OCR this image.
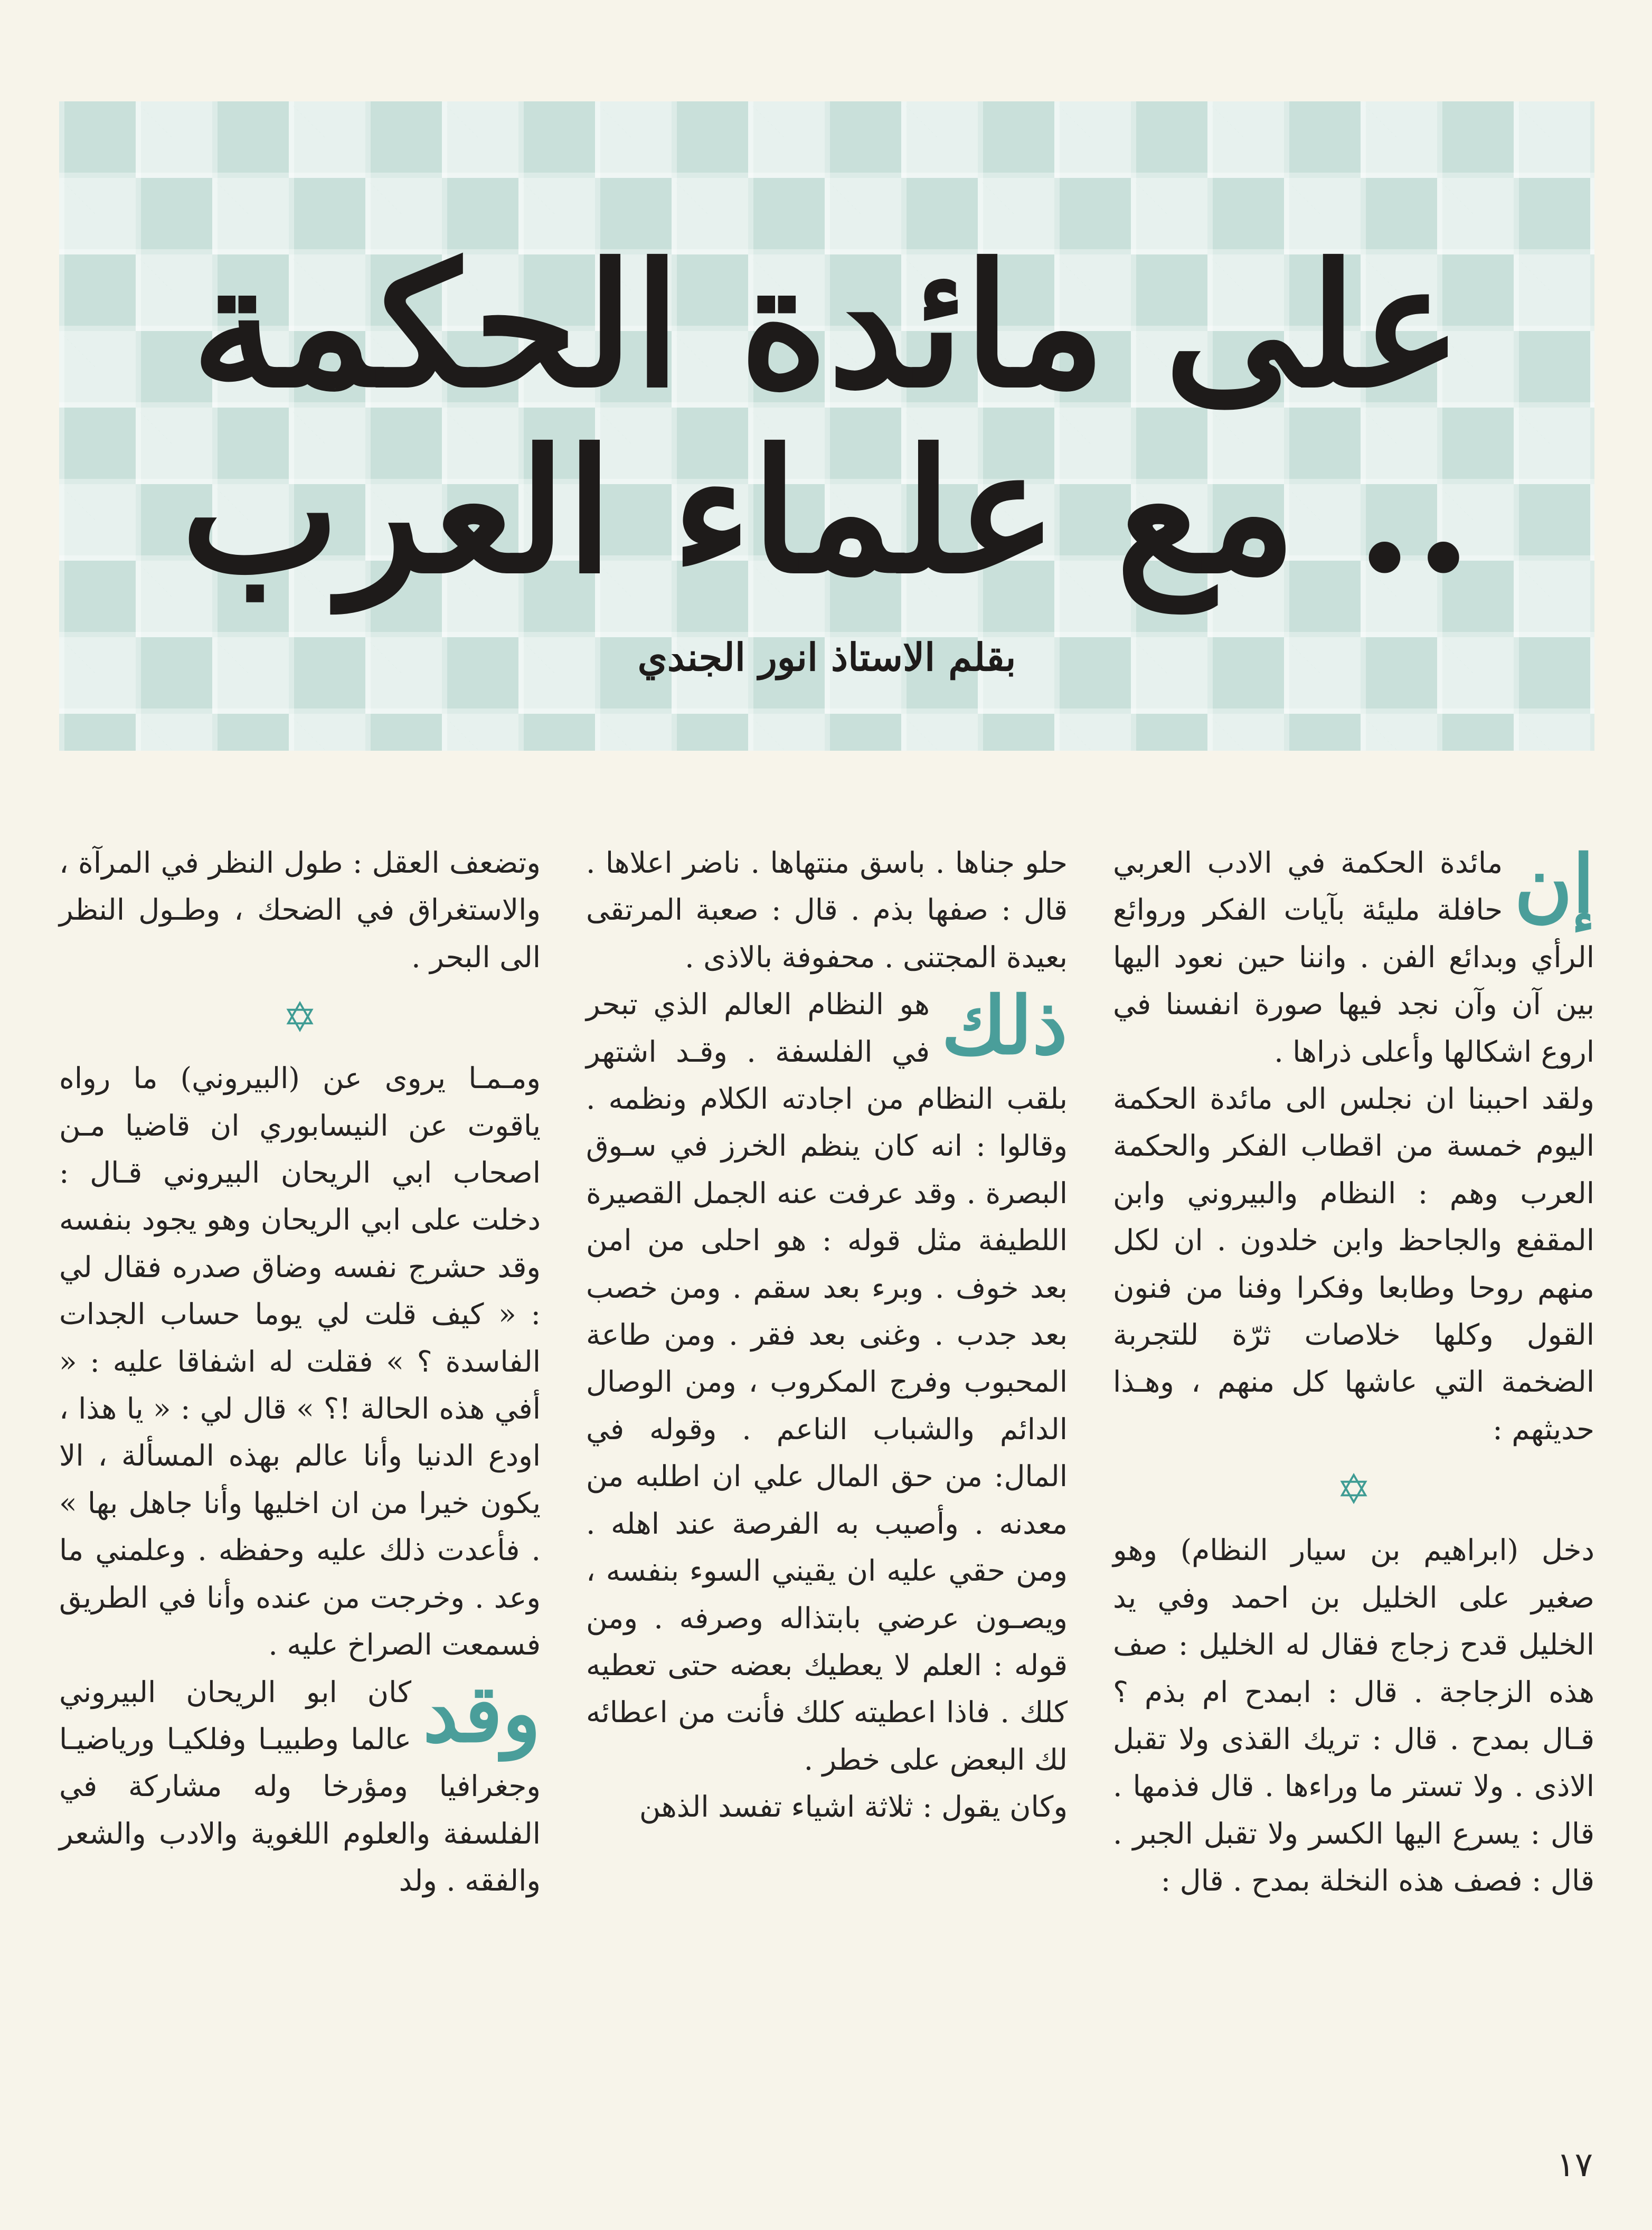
على مائدة الحكمة .. مع علماء العرب
بقلم الاستاذ انور الجندي
إن

مائدة الحكمة في الادب العربي حافلة مليئة بآيات الفكر وروائع الرأي وبدائع الفن . واننا حين نعود اليها بين آن وآن نجد فيها صورة انفسنا في اروع اشكالها وأعلى ذراها .

ولقد احببنا ان نجلس الى مائدة الحكمة اليوم خمسة من اقطاب الفكر والحكمة العرب وهم : النظام والبيروني وابن المقفع والجاحظ وابن خلدون . ان لكل منهم روحا وطابعا وفكرا وفنا من فنون القول وكلها خلاصات ثرّة للتجربة الضخمة التي عاشها كل منهم ، وهـذا حديثهم :

✡

دخل (ابراهيم بن سيار النظام) وهو صغير على الخليل بن احمد وفي يد الخليل قدح زجاج فقال له الخليل : صف هذه الزجاجة . قال : ابمدح ام بذم ؟ قـال بمدح . قال : تريك القذى ولا تقبل الاذى . ولا تستر ما وراءها . قال فذمها . قال : يسرع اليها الكسر ولا تقبل الجبر . قال : فصف هذه النخلة بمدح . قال :

حلو جناها . باسق منتهاها . ناضر اعلاها . قال : صفها بذم . قال : صعبة المرتقى بعيدة المجتنى . محفوفة بالاذى .

ذلك

هو النظام العالم الذي تبحر في الفلسفة . وقـد اشتهر بلقب النظام من اجادته الكلام ونظمه . وقالوا : انه كان ينظم الخرز في سـوق البصرة . وقد عرفت عنه الجمل القصيرة اللطيفة مثل قوله : هو احلى من امن بعد خوف . وبرء بعد سقم . ومن خصب بعد جدب . وغنى بعد فقر . ومن طاعة المحبوب وفرج المكروب ، ومن الوصال الدائم والشباب الناعم . وقوله في المال: من حق المال علي ان اطلبه من معدنه . وأصيب به الفرصة عند اهله . ومن حقي عليه ان يقيني السوء بنفسه ، ويصـون عرضي بابتذاله وصرفه . ومن قوله : العلم لا يعطيك بعضه حتى تعطيه كلك . فاذا اعطيته كلك فأنت من اعطائه لك البعض على خطر .

وكان يقول : ثلاثة اشياء تفسد الذهن

وتضعف العقل : طول النظر في المرآة ، والاستغراق في الضحك ، وطـول النظر الى البحر .

✡

ومـمـا يروى عن (البيروني) ما رواه ياقوت عن النيسابوري ان قاضيا مـن اصحاب ابي الريحان البيروني قـال : دخلت على ابي الريحان وهو يجود بنفسه وقد حشرج نفسه وضاق صدره فقال لي : « كيف قلت لي يوما حساب الجدات الفاسدة ؟ » فقلت له اشفاقا عليه : « أفي هذه الحالة !؟ » قال لي : « يا هذا ، اودع الدنيا وأنا عالم بهذه المسألة ، الا يكون خيرا من ان اخليها وأنا جاهل بها » . فأعدت ذلك عليه وحفظه . وعلمني ما وعد . وخرجت من عنده وأنا في الطريق فسمعت الصراخ عليه .

وقد

كان ابو الريحان البيروني عالما وطبيبـا وفلكيـا ورياضيـا وجغرافيا ومؤرخا وله مشاركة في الفلسفة والعلوم اللغوية والادب والشعر والفقه . ولد

١٧
